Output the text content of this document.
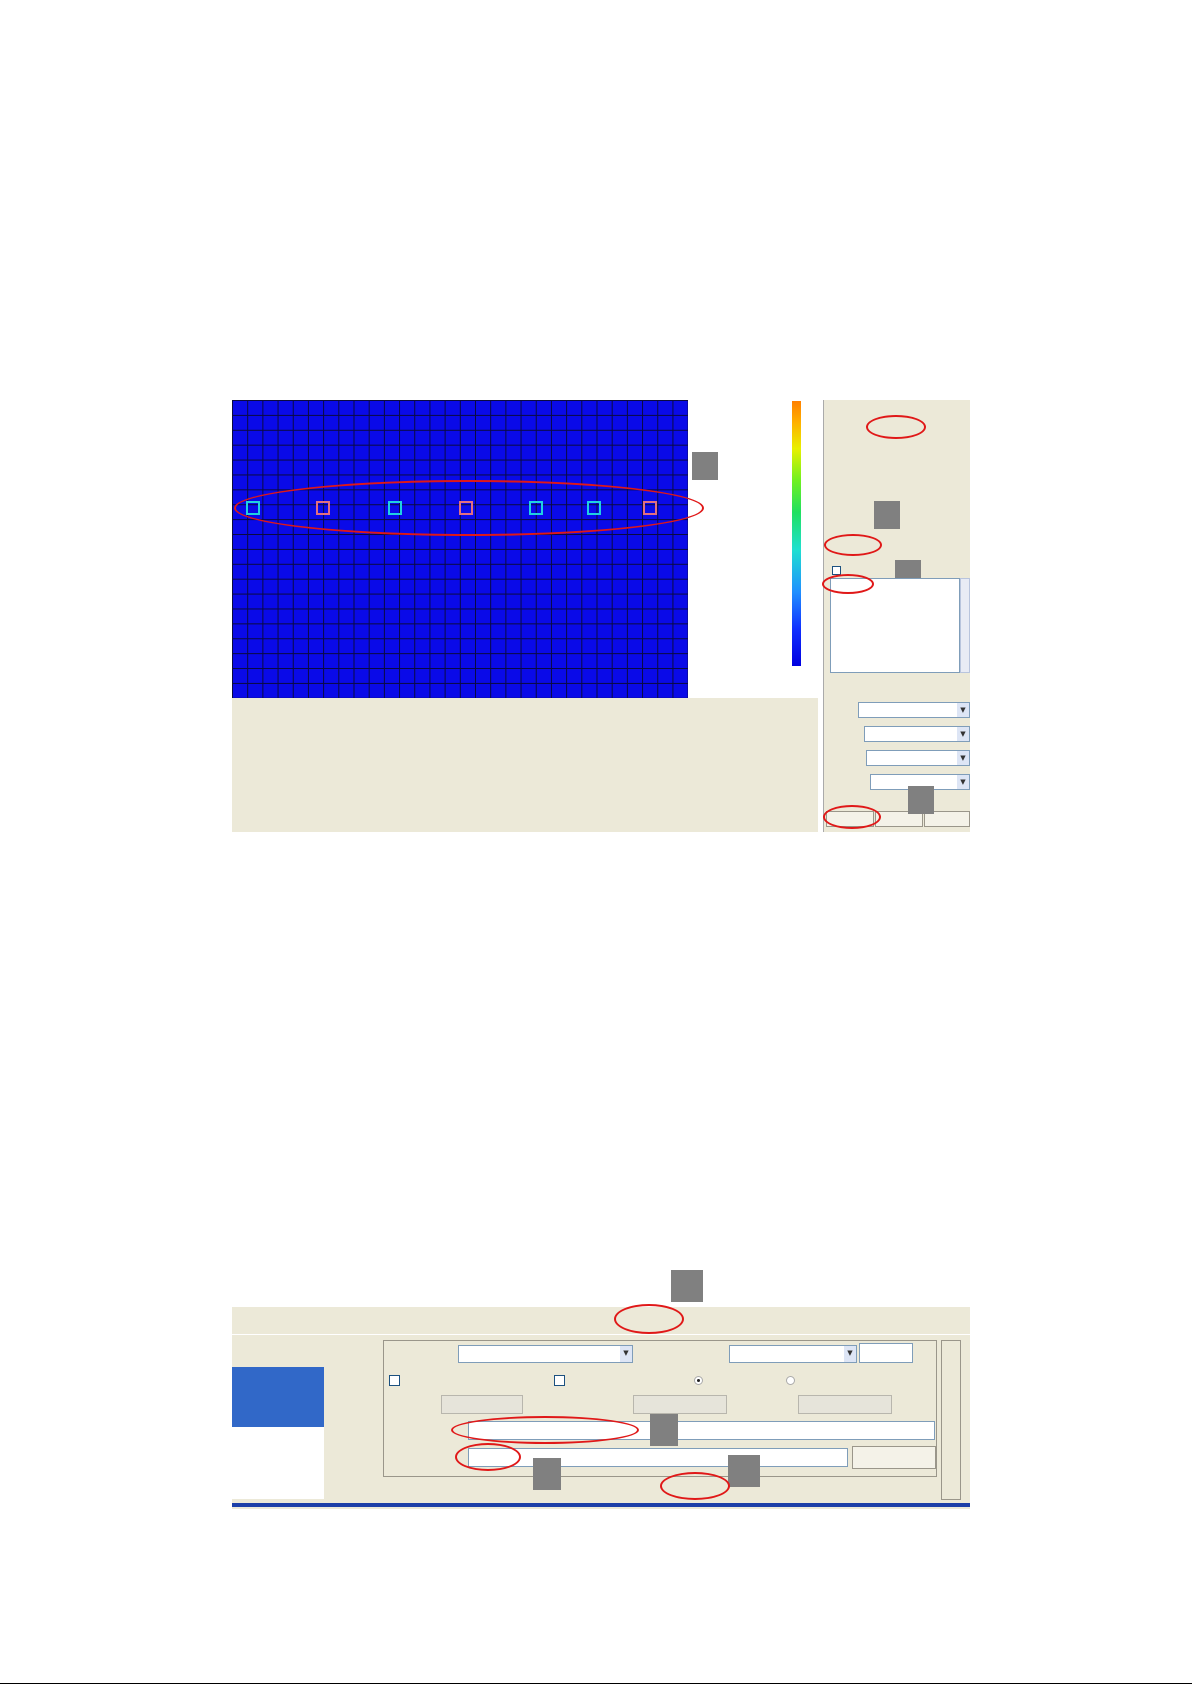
▼
▼
▼
▼
▼	▼
